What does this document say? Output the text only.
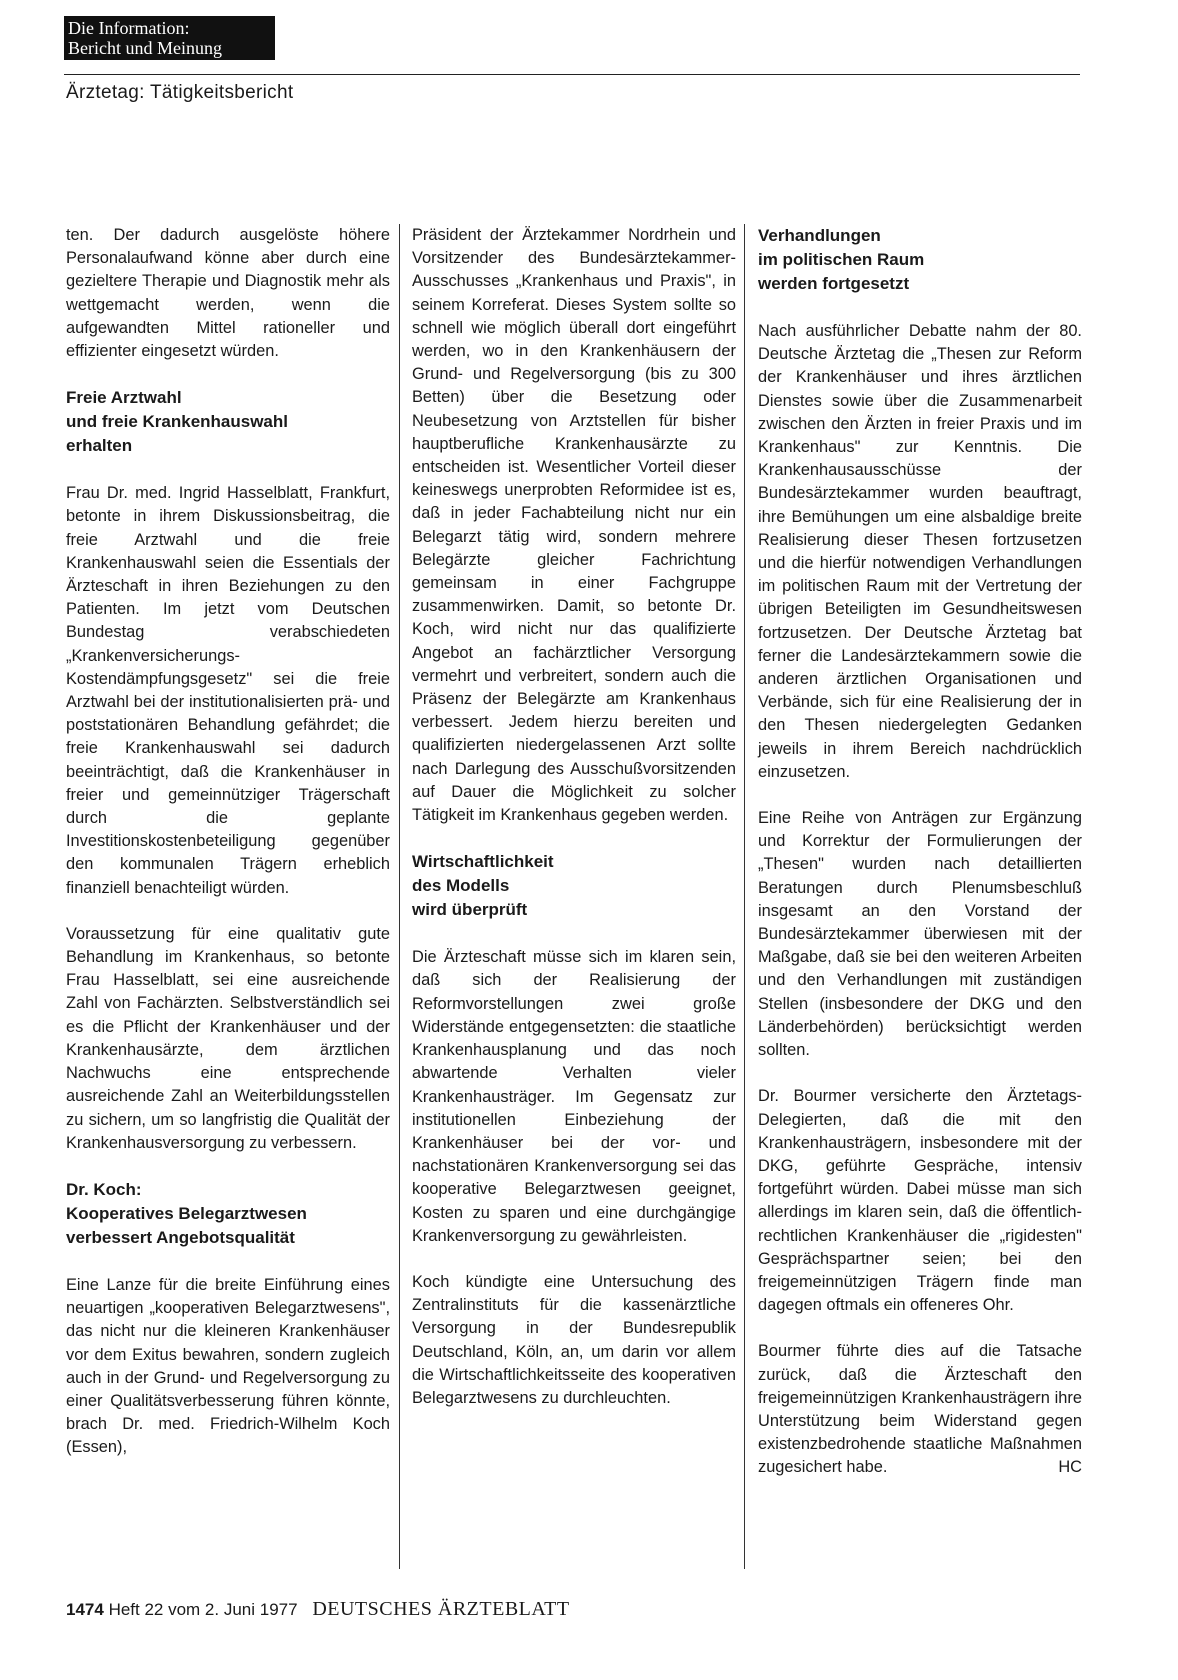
Die Information:
Bericht und Meinung
Ärztetag: Tätigkeitsbericht

ten. Der dadurch ausgelöste höhere Personalaufwand könne aber durch eine gezieltere Therapie und Diagnostik mehr als wettgemacht werden, wenn die aufgewandten Mittel rationeller und effizienter eingesetzt würden.

Freie Arztwahl
und freie Krankenhauswahl
erhalten

Frau Dr. med. Ingrid Hasselblatt, Frankfurt, betonte in ihrem Diskussionsbeitrag, die freie Arztwahl und die freie Krankenhauswahl seien die Essentials der Ärzteschaft in ihren Beziehungen zu den Patienten. Im jetzt vom Deutschen Bundestag verabschiedeten „Krankenversicherungs-Kostendämpfungsgesetz" sei die freie Arztwahl bei der institutionalisierten prä- und poststationären Behandlung gefährdet; die freie Krankenhauswahl sei dadurch beeinträchtigt, daß die Krankenhäuser in freier und gemeinnütziger Trägerschaft durch die geplante Investitionskostenbeteiligung gegenüber den kommunalen Trägern erheblich finanziell benachteiligt würden.

Voraussetzung für eine qualitativ gute Behandlung im Krankenhaus, so betonte Frau Hasselblatt, sei eine ausreichende Zahl von Fachärzten. Selbstverständlich sei es die Pflicht der Krankenhäuser und der Krankenhausärzte, dem ärztlichen Nachwuchs eine entsprechende ausreichende Zahl an Weiterbildungsstellen zu sichern, um so langfristig die Qualität der Krankenhausversorgung zu verbessern.

Dr. Koch:
Kooperatives Belegarztwesen
verbessert Angebotsqualität

Eine Lanze für die breite Einführung eines neuartigen „kooperativen Belegarztwesens", das nicht nur die kleineren Krankenhäuser vor dem Exitus bewahren, sondern zugleich auch in der Grund- und Regelversorgung zu einer Qualitätsverbesserung führen könnte, brach Dr. med. Friedrich-Wilhelm Koch (Essen),

Präsident der Ärztekammer Nordrhein und Vorsitzender des Bundesärztekammer-Ausschusses „Krankenhaus und Praxis", in seinem Korreferat. Dieses System sollte so schnell wie möglich überall dort eingeführt werden, wo in den Krankenhäusern der Grund- und Regelversorgung (bis zu 300 Betten) über die Besetzung oder Neubesetzung von Arztstellen für bisher hauptberufliche Krankenhausärzte zu entscheiden ist. Wesentlicher Vorteil dieser keineswegs unerprobten Reformidee ist es, daß in jeder Fachabteilung nicht nur ein Belegarzt tätig wird, sondern mehrere Belegärzte gleicher Fachrichtung gemeinsam in einer Fachgruppe zusammenwirken. Damit, so betonte Dr. Koch, wird nicht nur das qualifizierte Angebot an fachärztlicher Versorgung vermehrt und verbreitert, sondern auch die Präsenz der Belegärzte am Krankenhaus verbessert. Jedem hierzu bereiten und qualifizierten niedergelassenen Arzt sollte nach Darlegung des Ausschußvorsitzenden auf Dauer die Möglichkeit zu solcher Tätigkeit im Krankenhaus gegeben werden.

Wirtschaftlichkeit
des Modells
wird überprüft

Die Ärzteschaft müsse sich im klaren sein, daß sich der Realisierung der Reformvorstellungen zwei große Widerstände entgegensetzten: die staatliche Krankenhausplanung und das noch abwartende Verhalten vieler Krankenhausträger. Im Gegensatz zur institutionellen Einbeziehung der Krankenhäuser bei der vor- und nachstationären Krankenversorgung sei das kooperative Belegarztwesen geeignet, Kosten zu sparen und eine durchgängige Krankenversorgung zu gewährleisten.

Koch kündigte eine Untersuchung des Zentralinstituts für die kassenärztliche Versorgung in der Bundesrepublik Deutschland, Köln, an, um darin vor allem die Wirtschaftlichkeitsseite des kooperativen Belegarztwesens zu durchleuchten.

Verhandlungen
im politischen Raum
werden fortgesetzt

Nach ausführlicher Debatte nahm der 80. Deutsche Ärztetag die „Thesen zur Reform der Krankenhäuser und ihres ärztlichen Dienstes sowie über die Zusammenarbeit zwischen den Ärzten in freier Praxis und im Krankenhaus" zur Kenntnis. Die Krankenhausausschüsse der Bundesärztekammer wurden beauftragt, ihre Bemühungen um eine alsbaldige breite Realisierung dieser Thesen fortzusetzen und die hierfür notwendigen Verhandlungen im politischen Raum mit der Vertretung der übrigen Beteiligten im Gesundheitswesen fortzusetzen. Der Deutsche Ärztetag bat ferner die Landesärztekammern sowie die anderen ärztlichen Organisationen und Verbände, sich für eine Realisierung der in den Thesen niedergelegten Gedanken jeweils in ihrem Bereich nachdrücklich einzusetzen.

Eine Reihe von Anträgen zur Ergänzung und Korrektur der Formulierungen der „Thesen" wurden nach detaillierten Beratungen durch Plenumsbeschluß insgesamt an den Vorstand der Bundesärztekammer überwiesen mit der Maßgabe, daß sie bei den weiteren Arbeiten und den Verhandlungen mit zuständigen Stellen (insbesondere der DKG und den Länderbehörden) berücksichtigt werden sollten.

Dr. Bourmer versicherte den Ärztetags-Delegierten, daß die mit den Krankenhausträgern, insbesondere mit der DKG, geführte Gespräche, intensiv fortgeführt würden. Dabei müsse man sich allerdings im klaren sein, daß die öffentlich-rechtlichen Krankenhäuser die „rigidesten" Gesprächspartner seien; bei den freigemeinnützigen Trägern finde man dagegen oftmals ein offeneres Ohr.

Bourmer führte dies auf die Tatsache zurück, daß die Ärzteschaft den freigemeinnützigen Krankenhausträgern ihre Unterstützung beim Widerstand gegen existenzbedrohende staatliche Maßnahmen zugesichert habe.	HC

1474 Heft 22 vom 2. Juni 1977 DEUTSCHES ÄRZTEBLATT
